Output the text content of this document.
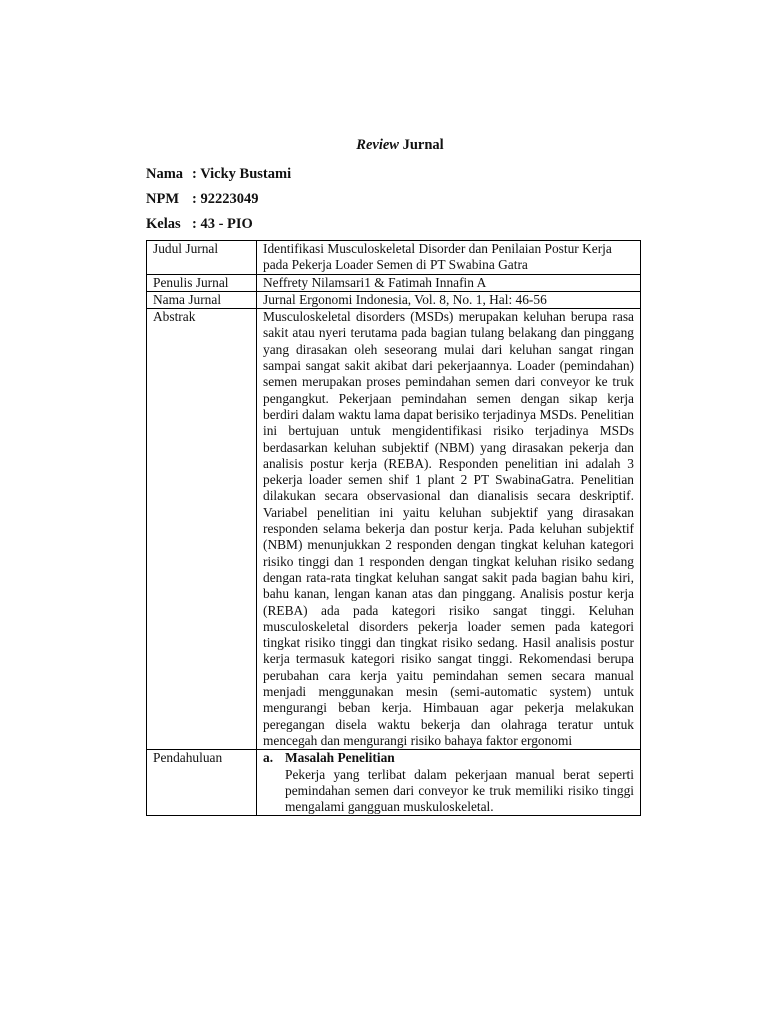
Review Jurnal
Nama : Vicky Bustami
NPM : 92223049
Kelas : 43 - PIO
Judul Jurnal	Identifikasi Musculoskeletal Disorder dan Penilaian Postur Kerja pada Pekerja Loader Semen di PT Swabina Gatra
Penulis Jurnal	Neffrety Nilamsari1 & Fatimah Innafin A
Nama Jurnal	Jurnal Ergonomi Indonesia, Vol. 8, No. 1, Hal: 46-56
Abstrak	Musculoskeletal disorders (MSDs) merupakan keluhan berupa rasa sakit atau nyeri terutama pada bagian tulang belakang dan pinggang yang dirasakan oleh seseorang mulai dari keluhan sangat ringan sampai sangat sakit akibat dari pekerjaannya. Loader (pemindahan) semen merupakan proses pemindahan semen dari conveyor ke truk pengangkut. Pekerjaan pemindahan semen dengan sikap kerja berdiri dalam waktu lama dapat berisiko terjadinya MSDs. Penelitian ini bertujuan untuk mengidentifikasi risiko terjadinya MSDs berdasarkan keluhan subjektif (NBM) yang dirasakan pekerja dan analisis postur kerja (REBA). Responden penelitian ini adalah 3 pekerja loader semen shif 1 plant 2 PT SwabinaGatra. Penelitian dilakukan secara observasional dan dianalisis secara deskriptif. Variabel penelitian ini yaitu keluhan subjektif yang dirasakan responden selama bekerja dan postur kerja. Pada keluhan subjektif (NBM) menunjukkan 2 responden dengan tingkat keluhan kategori risiko tinggi dan 1 responden dengan tingkat keluhan risiko sedang dengan rata-rata tingkat keluhan sangat sakit pada bagian bahu kiri, bahu kanan, lengan kanan atas dan pinggang. Analisis postur kerja (REBA) ada pada kategori risiko sangat tinggi. Keluhan musculoskeletal disorders pekerja loader semen pada kategori tingkat risiko tinggi dan tingkat risiko sedang. Hasil analisis postur kerja termasuk kategori risiko sangat tinggi. Rekomendasi berupa perubahan cara kerja yaitu pemindahan semen secara manual menjadi menggunakan mesin (semi-automatic system) untuk mengurangi beban kerja. Himbauan agar pekerja melakukan peregangan disela waktu bekerja dan olahraga teratur untuk mencegah dan mengurangi risiko bahaya faktor ergonomi
Pendahuluan	a. Masalah Penelitian
Pekerja yang terlibat dalam pekerjaan manual berat seperti pemindahan semen dari conveyor ke truk memiliki risiko tinggi mengalami gangguan muskuloskeletal.
